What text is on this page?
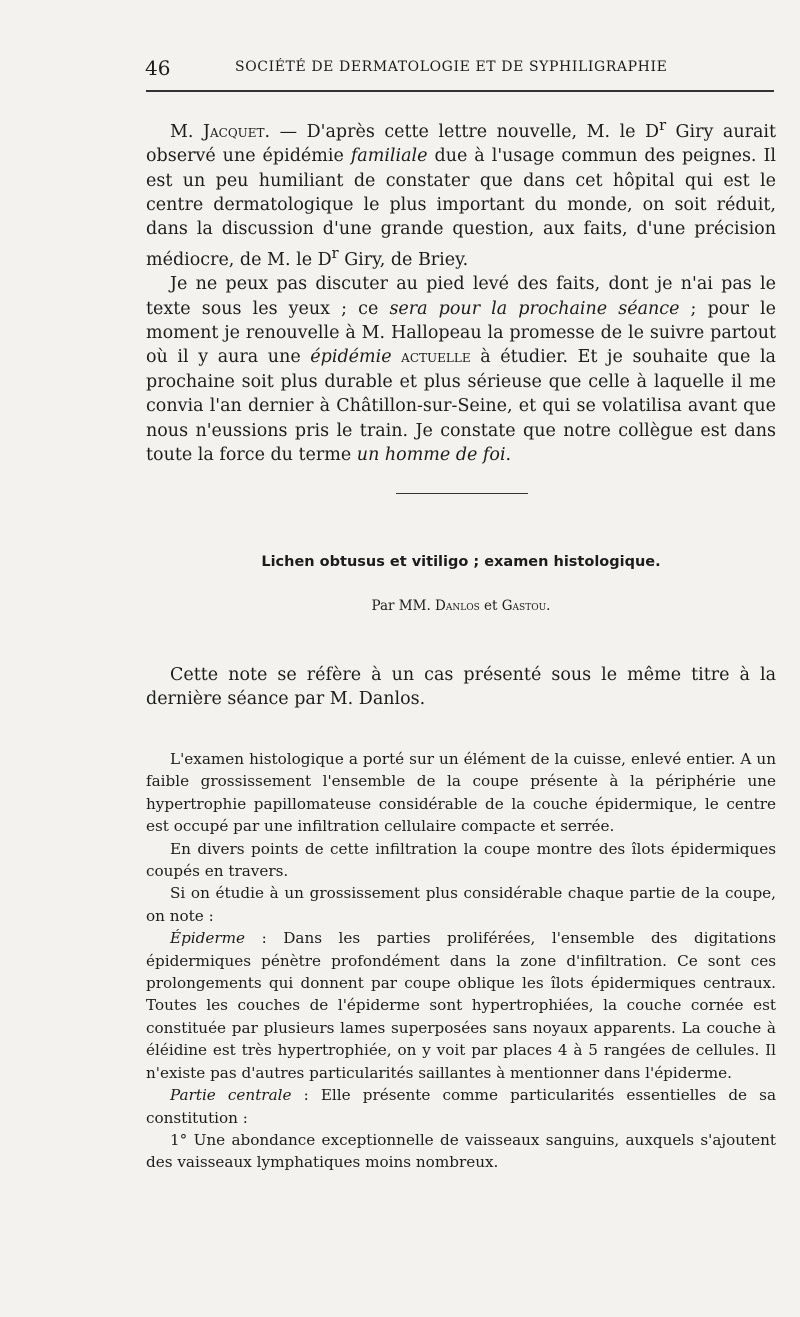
46	SOCIÉTÉ DE DERMATOLOGIE ET DE SYPHILIGRAPHIE

M. Jacquet. — D'après cette lettre nouvelle, M. le $D^r$ Giry aurait observé une épidémie familiale due à l'usage commun des peignes. Il est un peu humiliant de constater que dans cet hôpital qui est le centre dermatologique le plus important du monde, on soit réduit, dans la discussion d'une grande question, aux faits, d'une précision médiocre, de M. le $D^r$ Giry, de Briey.

Je ne peux pas discuter au pied levé des faits, dont je n'ai pas le texte sous les yeux ; ce sera pour la prochaine séance ; pour le moment je renouvelle à M. Hallopeau la promesse de le suivre partout où il y aura une épidémie actuelle à étudier. Et je souhaite que la prochaine soit plus durable et plus sérieuse que celle à laquelle il me convia l'an dernier à Châtillon-sur-Seine, et qui se volatilisa avant que nous n'eussions pris le train. Je constate que notre collègue est dans toute la force du terme un homme de foi.

Lichen obtusus et vitiligo ; examen histologique.
Par MM. Danlos et Gastou.

Cette note se réfère à un cas présenté sous le même titre à la dernière séance par M. Danlos.

L'examen histologique a porté sur un élément de la cuisse, enlevé entier. A un faible grossissement l'ensemble de la coupe présente à la périphérie une hypertrophie papillomateuse considérable de la couche épidermique, le centre est occupé par une infiltration cellulaire compacte et serrée.

En divers points de cette infiltration la coupe montre des îlots épidermiques coupés en travers.

Si on étudie à un grossissement plus considérable chaque partie de la coupe, on note :

Épiderme : Dans les parties proliférées, l'ensemble des digitations épidermiques pénètre profondément dans la zone d'infiltration. Ce sont ces prolongements qui donnent par coupe oblique les îlots épidermiques centraux. Toutes les couches de l'épiderme sont hypertrophiées, la couche cornée est constituée par plusieurs lames superposées sans noyaux apparents. La couche à éléidine est très hypertrophiée, on y voit par places 4 à 5 rangées de cellules. Il n'existe pas d'autres particularités saillantes à mentionner dans l'épiderme.

Partie centrale : Elle présente comme particularités essentielles de sa constitution :

1° Une abondance exceptionnelle de vaisseaux sanguins, auxquels s'ajoutent des vaisseaux lymphatiques moins nombreux.
